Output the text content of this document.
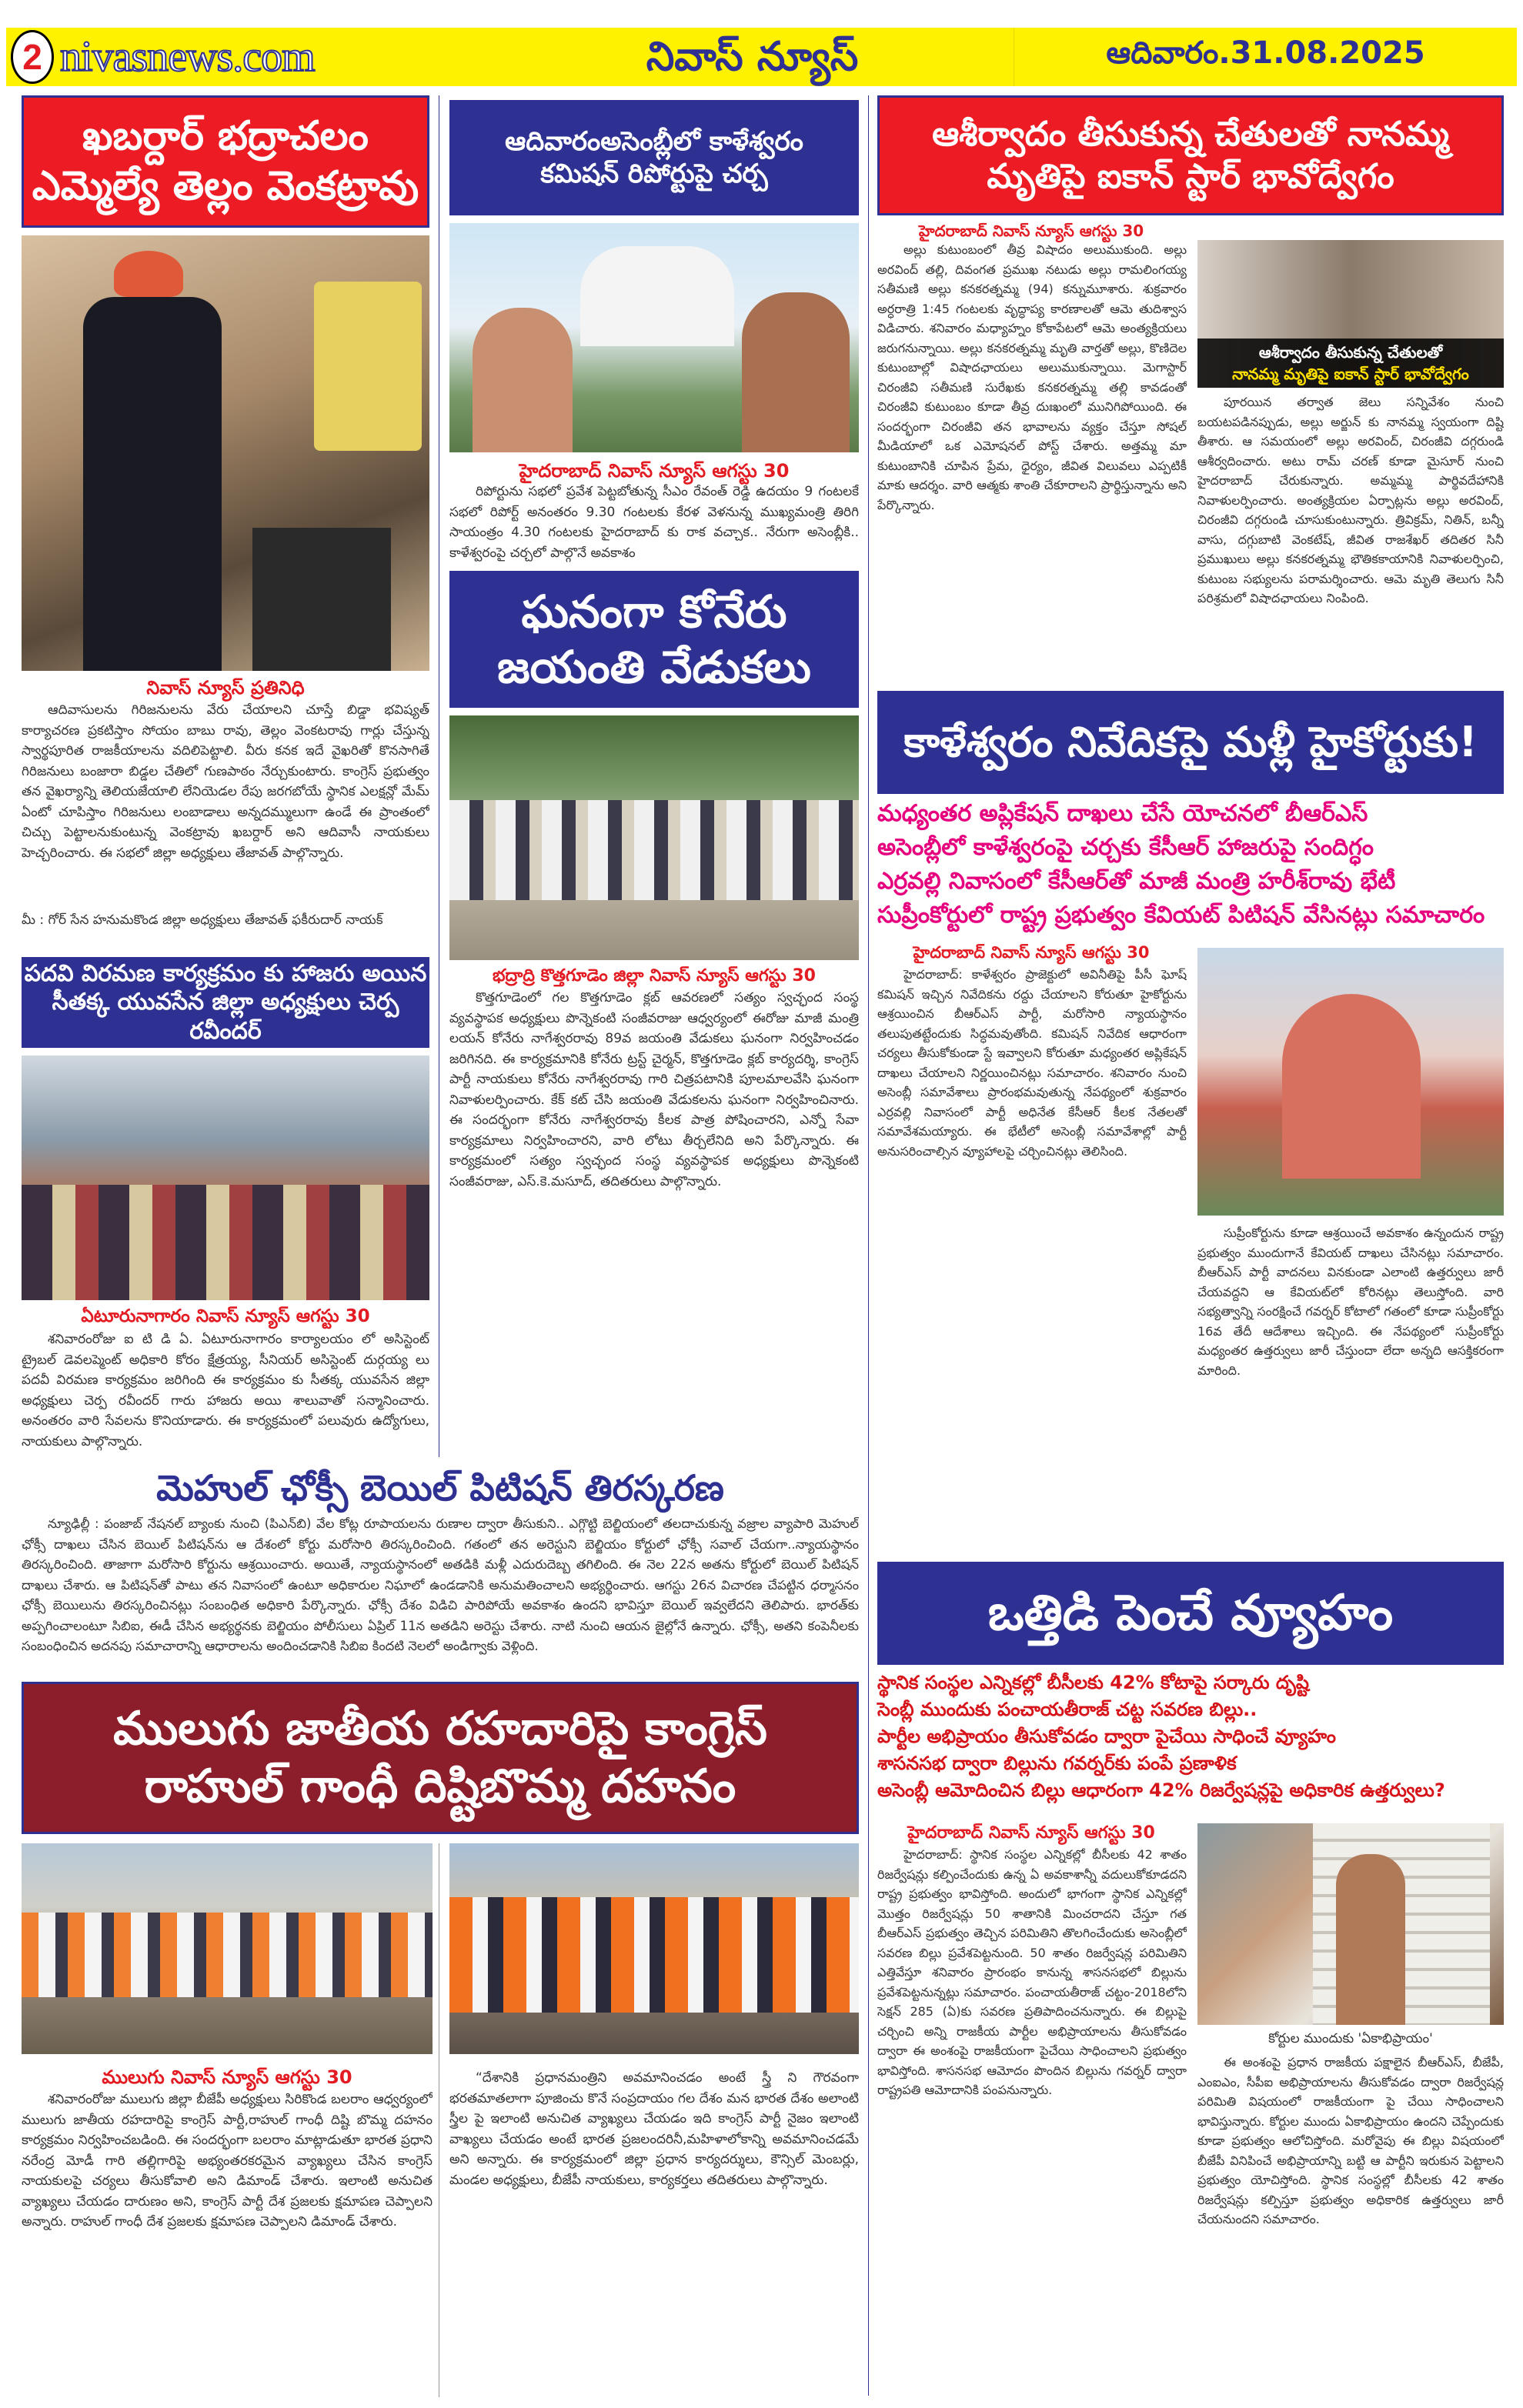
2 nivasnews.com	నివాస్ న్యూస్	ఆదివారం.31.08.2025
ఖబర్దార్ భద్రాచలం
ఎమ్మెల్యే తెల్లం వెంకట్రావు
నివాస్ న్యూస్ ప్రతినిధి

ఆదివాసులను గిరిజనులను వేరు చేయాలని చూస్తే బిడ్డా భవిష్యత్ కార్యాచరణ ప్రకటిస్తాం సోయం బాబు రావు, తెల్లం వెంకటరావు గార్లు చేస్తున్న స్వార్థపూరిత రాజకీయాలను వదిలిపెట్టాలి. వీరు కనక ఇదే వైఖరితో కొనసాగితే గిరిజనులు బంజారా బిడ్డల చేతిలో గుణపాఠం నేర్చుకుంటారు. కాంగ్రెస్ ప్రభుత్వం తన వైఖర్యాన్ని తెలియజేయాలి లేనియెడల రేపు జరగబోయే స్థానిక ఎలక్షన్లో మేమ్ ఏంటో చూపిస్తాం గిరిజనులు లంబాడాలు అన్నదమ్ములుగా ఉండే ఈ ప్రాంతంలో చిచ్చు పెట్టాలనుకుంటున్న వెంకట్రావు ఖబర్దార్ అని ఆదివాసీ నాయకులు హెచ్చరించారు. ఈ సభలో జిల్లా అధ్యక్షులు తేజావత్ పాల్గొన్నారు.

మీ : గోర్ సేన హనుమకొండ జిల్లా అధ్యక్షులు తేజావత్ ఫకీరుదార్ నాయక్
పదవి విరమణ కార్యక్రమం కు హాజరు అయిన
సీతక్క యువసేన జిల్లా అధ్యక్షులు చెర్ప రవీందర్
ఏటూరునాగారం నివాస్ న్యూస్ ఆగస్టు 30

శనివారంరోజు ఐ టి డి ఏ. ఏటూరునాగారం కార్యాలయం లో అసిస్టెంట్ ట్రైబల్ డెవలప్మెంట్ అధికారి కోరం క్షేత్రయ్య, సీనియర్ అసిస్టెంట్ దుర్గయ్య లు పదవీ విరమణ కార్యక్రమం జరిగింది ఈ కార్యక్రమం కు సీతక్క యువసేన జిల్లా అధ్యక్షులు చెర్ప రవీందర్ గారు హాజరు అయి శాలువాతో సన్మానించారు. అనంతరం వారి సేవలను కొనియాడారు. ఈ కార్యక్రమంలో పలువురు ఉద్యోగులు, నాయకులు పాల్గొన్నారు.

ఆదివారంఅసెంబ్లీలో కాళేశ్వరం
కమిషన్ రిపోర్టుపై చర్చ
హైదరాబాద్ నివాస్ న్యూస్ ఆగస్టు 30

రిపోర్టును సభలో ప్రవేశ పెట్టబోతున్న సీఎం రేవంత్ రెడ్డి ఉదయం 9 గంటలకే సభలో రిపోర్ట్ అనంతరం 9.30 గంటలకు కేరళ వెళనున్న ముఖ్యమంత్రి తిరిగి సాయంత్రం 4.30 గంటలకు హైదరాబాద్ కు రాక వచ్చాక.. నేరుగా అసెంబ్లీకి.. కాళేశ్వరంపై చర్చలో పాల్గొనే అవకాశం

ఘనంగా కోనేరు
జయంతి వేడుకలు
భద్రాద్రి కొత్తగూడెం జిల్లా నివాస్ న్యూస్ ఆగస్టు 30

కొత్తగూడెంలో గల కొత్తగూడెం క్లబ్ ఆవరణలో సత్యం స్వచ్ఛంద సంస్థ వ్యవస్థాపక అధ్యక్షులు పొన్నెకంటి సంజీవరాజు ఆధ్వర్యంలో ఈరోజు మాజీ మంత్రి లయన్ కోనేరు నాగేశ్వరరావు 89వ జయంతి వేడుకలు ఘనంగా నిర్వహించడం జరిగినది. ఈ కార్యక్రమానికి కోనేరు ట్రస్ట్ చైర్మన్, కొత్తగూడెం క్లబ్ కార్యదర్శి, కాంగ్రెస్ పార్టీ నాయకులు కోనేరు నాగేశ్వరరావు గారి చిత్రపటానికి పూలమాలవేసి ఘనంగా నివాళులర్పించారు. కేక్ కట్ చేసి జయంతి వేడుకలను ఘనంగా నిర్వహించినారు. ఈ సందర్భంగా కోనేరు నాగేశ్వరరావు కీలక పాత్ర పోషించారని, ఎన్నో సేవా కార్యక్రమాలు నిర్వహించారని, వారి లోటు తీర్చలేనిది అని పేర్కొన్నారు. ఈ కార్యక్రమంలో సత్యం స్వచ్ఛంద సంస్థ వ్యవస్థాపక అధ్యక్షులు పొన్నెకంటి సంజీవరాజు, ఎస్.కె.మసూద్, తదితరులు పాల్గొన్నారు.

మెహుల్ ఛోక్సీ బెయిల్ పిటిషన్ తిరస్కరణ

న్యూఢిల్లీ : పంజాబ్ నేషనల్ బ్యాంకు నుంచి (పిఎన్‌బి) వేల కోట్ల రూపాయలను రుణాల ద్వారా తీసుకుని.. ఎగ్గొట్టి బెల్జియంలో తలదాచుకున్న వజ్రాల వ్యాపారి మెహుల్ ఛోక్సీ దాఖలు చేసిన బెయిల్ పిటిషన్‌ను ఆ దేశంలో కోర్టు మరోసారి తిరస్కరించింది. గతంలో తన అరెస్టుని బెల్జియం కోర్టులో ఛోక్సీ సవాల్ చేయగా..న్యాయస్థానం తిరస్కరించింది. తాజాగా మరోసారి కోర్టును ఆశ్రయించారు. అయితే, న్యాయస్థానంలో అతడికి మళ్లీ ఎదురుదెబ్బ తగిలింది. ఈ నెల 22న అతను కోర్టులో బెయిల్ పిటిషన్ దాఖలు చేశారు. ఆ పిటిషన్‌తో పాటు తన నివాసంలో ఉంటూ అధికారుల నిఘాలో ఉండడానికి అనుమతించాలని అభ్యర్థించారు. ఆగస్టు 26న విచారణ చేపట్టిన ధర్మాసనం ఛోక్సీ బెయిలును తిరస్కరించినట్లు సంబంధిత అధికారి పేర్కొన్నారు. ఛోక్సీ దేశం విడిచి పారిపోయే అవకాశం ఉందని భావిస్తూ బెయిల్ ఇవ్వలేదని తెలిపారు. భారత్‌కు అప్పగించాలంటూ సిబిఐ, ఈడీ చేసిన అభ్యర్థనకు బెల్జియం పోలీసులు ఏప్రిల్ 11న అతడిని అరెస్టు చేశారు. నాటి నుంచి ఆయన జైల్లోనే ఉన్నారు. ఛోక్సీ, అతని కంపెనీలకు సంబంధించిన అదనపు సమాచారాన్ని ఆధారాలను అందించడానికి సిబిఐ కిందటి నెలలో అండిగ్వాకు వెళ్లింది.

ములుగు జాతీయ రహదారిపై కాంగ్రెస్
రాహుల్ గాంధీ దిష్టిబొమ్మ దహనం
ములుగు నివాస్ న్యూస్ ఆగస్టు 30

శనివారంరోజు ములుగు జిల్లా బీజేపీ అధ్యక్షులు సిరికొండ బలరాం ఆధ్వర్యంలో ములుగు జాతీయ రహదారిపై కాంగ్రెస్ పార్టీ,రాహుల్ గాంధీ దిష్టి బొమ్మ దహనం కార్యక్రమం నిర్వహించబడింది. ఈ సందర్భంగా బలరాం మాట్లాడుతూ భారత ప్రధాని నరేంద్ర మోడీ గారి తల్లిగారిపై అభ్యంతరకరమైన వ్యాఖ్యలు చేసిన కాంగ్రెస్ నాయకులపై చర్యలు తీసుకోవాలి అని డిమాండ్ చేశారు. ఇలాంటి అనుచిత వ్యాఖ్యలు చేయడం దారుణం అని, కాంగ్రెస్ పార్టీ దేశ ప్రజలకు క్షమాపణ చెప్పాలని అన్నారు. రాహుల్ గాంధీ దేశ ప్రజలకు క్షమాపణ చెప్పాలని డిమాండ్ చేశారు.

“దేశానికి ప్రధానమంత్రిని అవమానించడం అంటే స్త్రీ ని గౌరవంగా భరతమాతలాగా పూజించు కొనే సంప్రదాయం గల దేశం మన భారత దేశం అలాంటి స్త్రీల పై ఇలాంటి అనుచిత వ్యాఖ్యలు చేయడం ఇది కాంగ్రెస్ పార్టీ నైజం ఇలాంటి వాఖ్యలు చేయడం అంటే భారత ప్రజలందరినీ,మహిళాలోకాన్ని అవమానించడమే అని అన్నారు. ఈ కార్యక్రమంలో జిల్లా ప్రధాన కార్యదర్శులు, కౌన్సిల్ మెంబర్లు, మండల అధ్యక్షులు, బీజేపీ నాయకులు, కార్యకర్తలు తదితరులు పాల్గొన్నారు.

ఆశీర్వాదం తీసుకున్న చేతులతో నానమ్మ
మృతిపై ఐకాన్ స్టార్ భావోద్వేగం
హైదరాబాద్ నివాస్ న్యూస్ ఆగస్టు 30
ఆశీర్వాదం తీసుకున్న చేతులతో
నానమ్మ మృతిపై ఐకాన్ స్టార్ భావోద్వేగం

అల్లు కుటుంబంలో తీవ్ర విషాదం అలుముకుంది. అల్లు అరవింద్ తల్లి, దివంగత ప్రముఖ నటుడు అల్లు రామలింగయ్య సతీమణి అల్లు కనకరత్నమ్మ (94) కన్నుమూశారు. శుక్రవారం అర్ధరాత్రి 1:45 గంటలకు వృద్ధాప్య కారణాలతో ఆమె తుదిశ్వాస విడిచారు. శనివారం మధ్యాహ్నం కోకాపేటలో ఆమె అంత్యక్రియలు జరుగనున్నాయి. అల్లు కనకరత్నమ్మ మృతి వార్తతో అల్లు, కొణిదెల కుటుంబాల్లో విషాదఛాయలు అలుముకున్నాయి. మెగాస్టార్ చిరంజీవి సతీమణి సురేఖకు కనకరత్నమ్మ తల్లి కావడంతో చిరంజీవి కుటుంబం కూడా తీవ్ర దుఃఖంలో మునిగిపోయింది. ఈ సందర్భంగా చిరంజీవి తన భావాలను వ్యక్తం చేస్తూ సోషల్ మీడియాలో ఒక ఎమోషనల్ పోస్ట్ చేశారు. అత్తమ్మ మా కుటుంబానికి చూపిన ప్రేమ, ధైర్యం, జీవిత విలువలు ఎప్పటికీ మాకు ఆదర్శం. వారి ఆత్మకు శాంతి చేకూరాలని ప్రార్థిస్తున్నాను అని పేర్కొన్నారు.

పూరయిన తర్వాత జెలు సన్నివేశం నుంచి బయటపడినప్పుడు, అల్లు అర్జున్ కు నానమ్మ స్వయంగా దిష్టి తీశారు. ఆ సమయంలో అల్లు అరవింద్, చిరంజీవి దగ్గరుండి ఆశీర్వదించారు. అటు రామ్ చరణ్ కూడా మైసూర్ నుంచి హైదరాబాద్ చేరుకున్నారు. అమ్మమ్మ పార్థివదేహానికి నివాళులర్పించారు. అంత్యక్రియల ఏర్పాట్లను అల్లు అరవింద్, చిరంజీవి దగ్గరుండి చూసుకుంటున్నారు. త్రివిక్రమ్, నితిన్, బన్నీ వాసు, దగ్గుబాటి వెంకటేష్, జీవిత రాజశేఖర్ తదితర సినీ ప్రముఖులు అల్లు కనకరత్నమ్మ భౌతికకాయానికి నివాళులర్పించి, కుటుంబ సభ్యులను పరామర్శించారు. ఆమె మృతి తెలుగు సినీ పరిశ్రమలో విషాదఛాయలు నింపింది.

కాళేశ్వరం నివేదికపై మళ్లీ హైకోర్టుకు!
మధ్యంతర అప్లికేషన్ దాఖలు చేసే యోచనలో బీఆర్ఎస్
అసెంబ్లీలో కాళేశ్వరంపై చర్చకు కేసీఆర్ హాజరుపై సందిగ్ధం
ఎర్రవల్లి నివాసంలో కేసీఆర్‌తో మాజీ మంత్రి హరీశ్‌రావు భేటీ
సుప్రీంకోర్టులో రాష్ట్ర ప్రభుత్వం కేవియట్ పిటిషన్ వేసినట్లు సమాచారం
హైదరాబాద్ నివాస్ న్యూస్ ఆగస్టు 30

హైదరాబాద్: కాళేశ్వరం ప్రాజెక్టులో అవినీతిపై పీసీ ఘోష్ కమిషన్ ఇచ్చిన నివేదికను రద్దు చేయాలని కోరుతూ హైకోర్టును ఆశ్రయించిన బీఆర్ఎస్ పార్టీ, మరోసారి న్యాయస్థానం తలుపుతట్టేందుకు సిద్ధమవుతోంది. కమిషన్ నివేదిక ఆధారంగా చర్యలు తీసుకోకుండా స్టే ఇవ్వాలని కోరుతూ మధ్యంతర అప్లికేషన్ దాఖలు చేయాలని నిర్ణయించినట్లు సమాచారం. శనివారం నుంచి అసెంబ్లీ సమావేశాలు ప్రారంభమవుతున్న నేపథ్యంలో శుక్రవారం ఎర్రవల్లి నివాసంలో పార్టీ అధినేత కేసీఆర్ కీలక నేతలతో సమావేశమయ్యారు. ఈ భేటీలో అసెంబ్లీ సమావేశాల్లో పార్టీ అనుసరించాల్సిన వ్యూహాలపై చర్చించినట్లు తెలిసింది.

సుప్రీంకోర్టును కూడా ఆశ్రయించే అవకాశం ఉన్నందున రాష్ట్ర ప్రభుత్వం ముందుగానే కేవియట్ దాఖలు చేసినట్లు సమాచారం. బీఆర్ఎస్ పార్టీ వాదనలు వినకుండా ఎలాంటి ఉత్తర్వులు జారీ చేయవద్దని ఆ కేవియట్‌లో కోరినట్లు తెలుస్తోంది. వారి సభ్యత్వాన్ని సంరక్షించే గవర్నర్ కోటాలో గతంలో కూడా సుప్రీంకోర్టు 16వ తేదీ ఆదేశాలు ఇచ్చింది. ఈ నేపథ్యంలో సుప్రీంకోర్టు మధ్యంతర ఉత్తర్వులు జారీ చేస్తుందా లేదా అన్నది ఆసక్తికరంగా మారింది.

ఒత్తిడి పెంచే వ్యూహం
స్థానిక సంస్థల ఎన్నికల్లో బీసీలకు 42% కోటాపై సర్కారు దృష్టి
సెంబ్లీ ముందుకు పంచాయతీరాజ్ చట్ట సవరణ బిల్లు..
పార్టీల అభిప్రాయం తీసుకోవడం ద్వారా పైచేయి సాధించే వ్యూహం
శాసనసభ ద్వారా బిల్లును గవర్నర్‌కు పంపే ప్రణాళిక
అసెంబ్లీ ఆమోదించిన బిల్లు ఆధారంగా 42% రిజర్వేషన్లపై అధికారిక ఉత్తర్వులు?
హైదరాబాద్ నివాస్ న్యూస్ ఆగస్టు 30
కోర్టుల ముందుకు 'ఏకాభిప్రాయం'

హైదరాబాద్: స్థానిక సంస్థల ఎన్నికల్లో బీసీలకు 42 శాతం రిజర్వేషన్లు కల్పించేందుకు ఉన్న ఏ అవకాశాన్నీ వదులుకోకూడదని రాష్ట్ర ప్రభుత్వం భావిస్తోంది. అందులో భాగంగా స్థానిక ఎన్నికల్లో మొత్తం రిజర్వేషన్లు 50 శాతానికి మించరాదని చేస్తూ గత బీఆర్ఎస్ ప్రభుత్వం తెచ్చిన పరిమితిని తొలగించేందుకు అసెంబ్లీలో సవరణ బిల్లు ప్రవేశపెట్టనుంది. 50 శాతం రిజర్వేషన్ల పరిమితిని ఎత్తివేస్తూ శనివారం ప్రారంభం కానున్న శాసనసభలో బిల్లును ప్రవేశపెట్టనున్నట్లు సమాచారం. పంచాయతీరాజ్ చట్టం-2018లోని సెక్షన్ 285 (ఏ)కు సవరణ ప్రతిపాదించనున్నారు. ఈ బిల్లుపై చర్చించి అన్ని రాజకీయ పార్టీల అభిప్రాయాలను తీసుకోవడం ద్వారా ఈ అంశంపై రాజకీయంగా పైచేయి సాధించాలని ప్రభుత్వం భావిస్తోంది. శాసనసభ ఆమోదం పొందిన బిల్లును గవర్నర్ ద్వారా రాష్ట్రపతి ఆమోదానికి పంపనున్నారు.

ఈ అంశంపై ప్రధాన రాజకీయ పక్షాలైన బీఆర్ఎస్, బీజేపీ, ఎంఐఎం, సీపీఐ అభిప్రాయాలను తీసుకోవడం ద్వారా రిజర్వేషన్ల పరిమితి విషయంలో రాజకీయంగా పై చేయి సాధించాలని భావిస్తున్నారు. కోర్టుల ముందు ఏకాభిప్రాయం ఉందని చెప్పేందుకు కూడా ప్రభుత్వం ఆలోచిస్తోంది. మరోవైపు ఈ బిల్లు విషయంలో బీజేపీ వినిపించే అభిప్రాయాన్ని బట్టి ఆ పార్టీని ఇరుకున పెట్టాలని ప్రభుత్వం యోచిస్తోంది. స్థానిక సంస్థల్లో బీసీలకు 42 శాతం రిజర్వేషన్లు కల్పిస్తూ ప్రభుత్వం అధికారిక ఉత్తర్వులు జారీ చేయనుందని సమాచారం.
